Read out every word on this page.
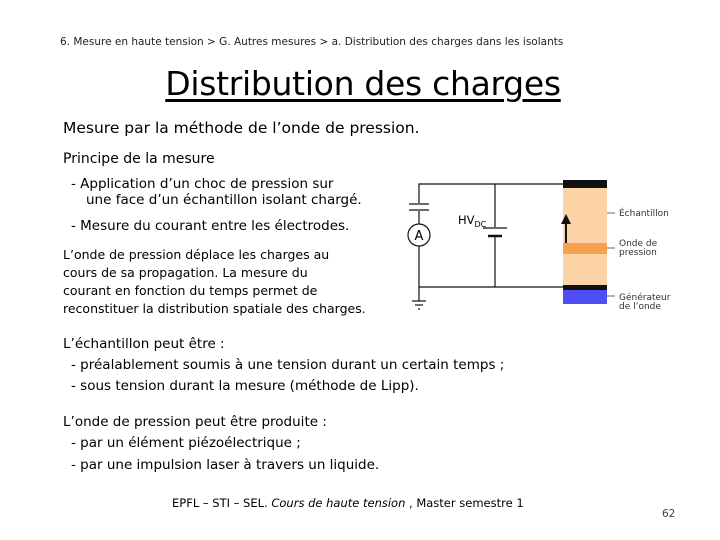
6. Mesure en haute tension > G. Autres mesures > a. Distribution des charges dans les isolants
Distribution des charges
Mesure par la méthode de l’onde de pression.
Principe de la mesure
- Application d’un choc de pression sur
une face d’un échantillon isolant chargé.
- Mesure du courant entre les électrodes.
L’onde de pression déplace les charges au
cours de sa propagation. La mesure du
courant en fonction du temps permet de
reconstituer la distribution spatiale des charges.
A
$HV_{DC}$
Échantillon
Onde de
pression
Générateur
de l’onde
L’échantillon peut être :
- préalablement soumis à une tension durant un certain temps ;
- sous tension durant la mesure (méthode de Lipp).
L’onde de pression peut être produite :
- par un élément piézoélectrique ;
- par une impulsion laser à travers un liquide.
EPFL – STI – SEL. Cours de haute tension , Master semestre 1
62
